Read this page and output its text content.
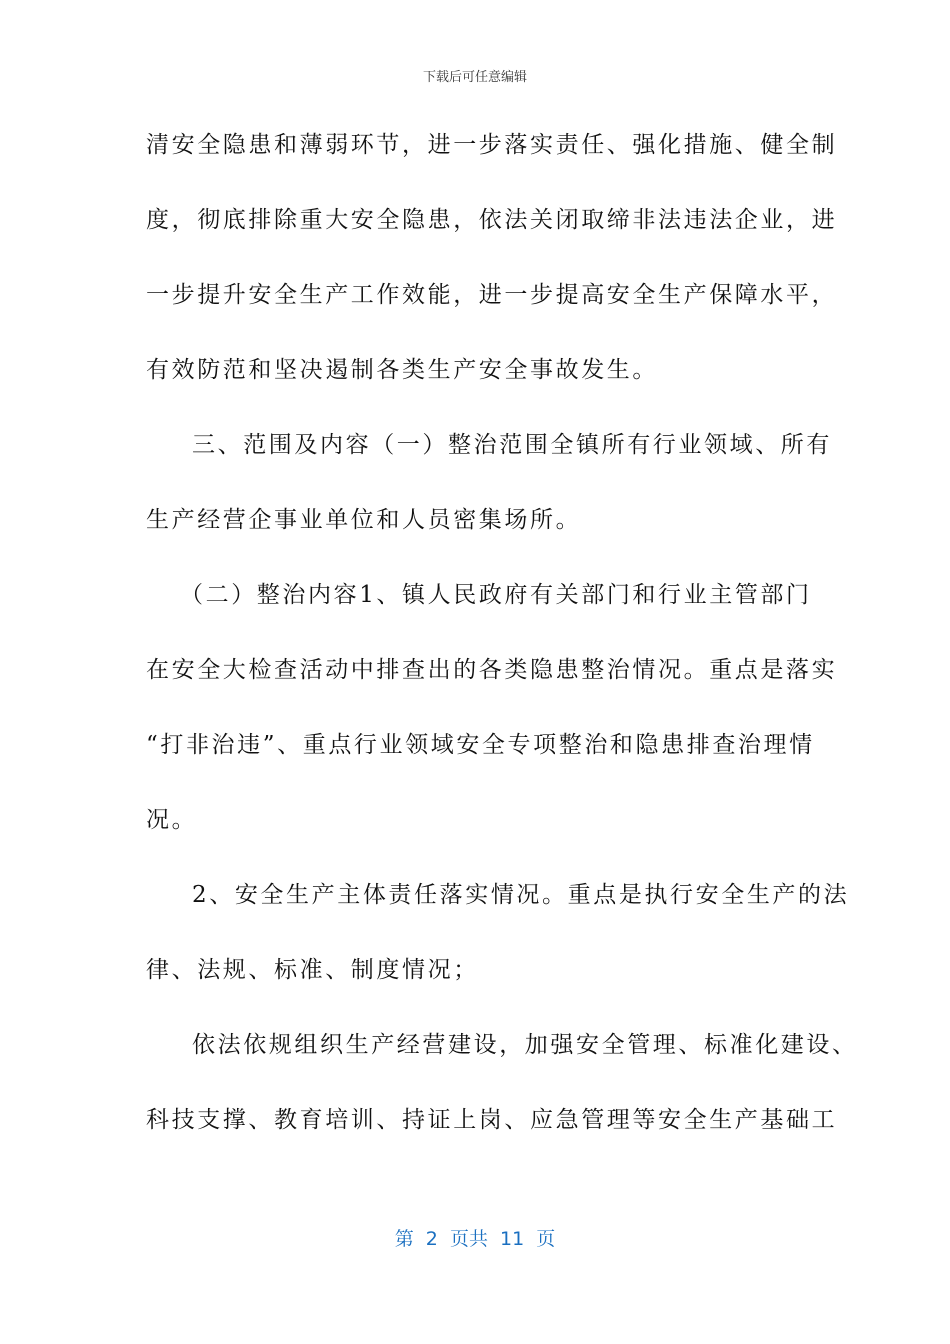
下载后可任意编辑
清安全隐患和薄弱环节，进一步落实责任、强化措施、健全制
度，彻底排除重大安全隐患，依法关闭取缔非法违法企业，进
一步提升安全生产工作效能，进一步提高安全生产保障水平，
有效防范和坚决遏制各类生产安全事故发生。
三、范围及内容（一）整治范围全镇所有行业领域、所有
生产经营企事业单位和人员密集场所。
（二）整治内容1、镇人民政府有关部门和行业主管部门
在安全大检查活动中排查出的各类隐患整治情况。重点是落实
“打非治违”、重点行业领域安全专项整治和隐患排查治理情
况。
2、安全生产主体责任落实情况。重点是执行安全生产的法
律、法规、标准、制度情况；
依法依规组织生产经营建设，加强安全管理、标准化建设、
科技支撑、教育培训、持证上岗、应急管理等安全生产基础工
第  2  页共  11  页
